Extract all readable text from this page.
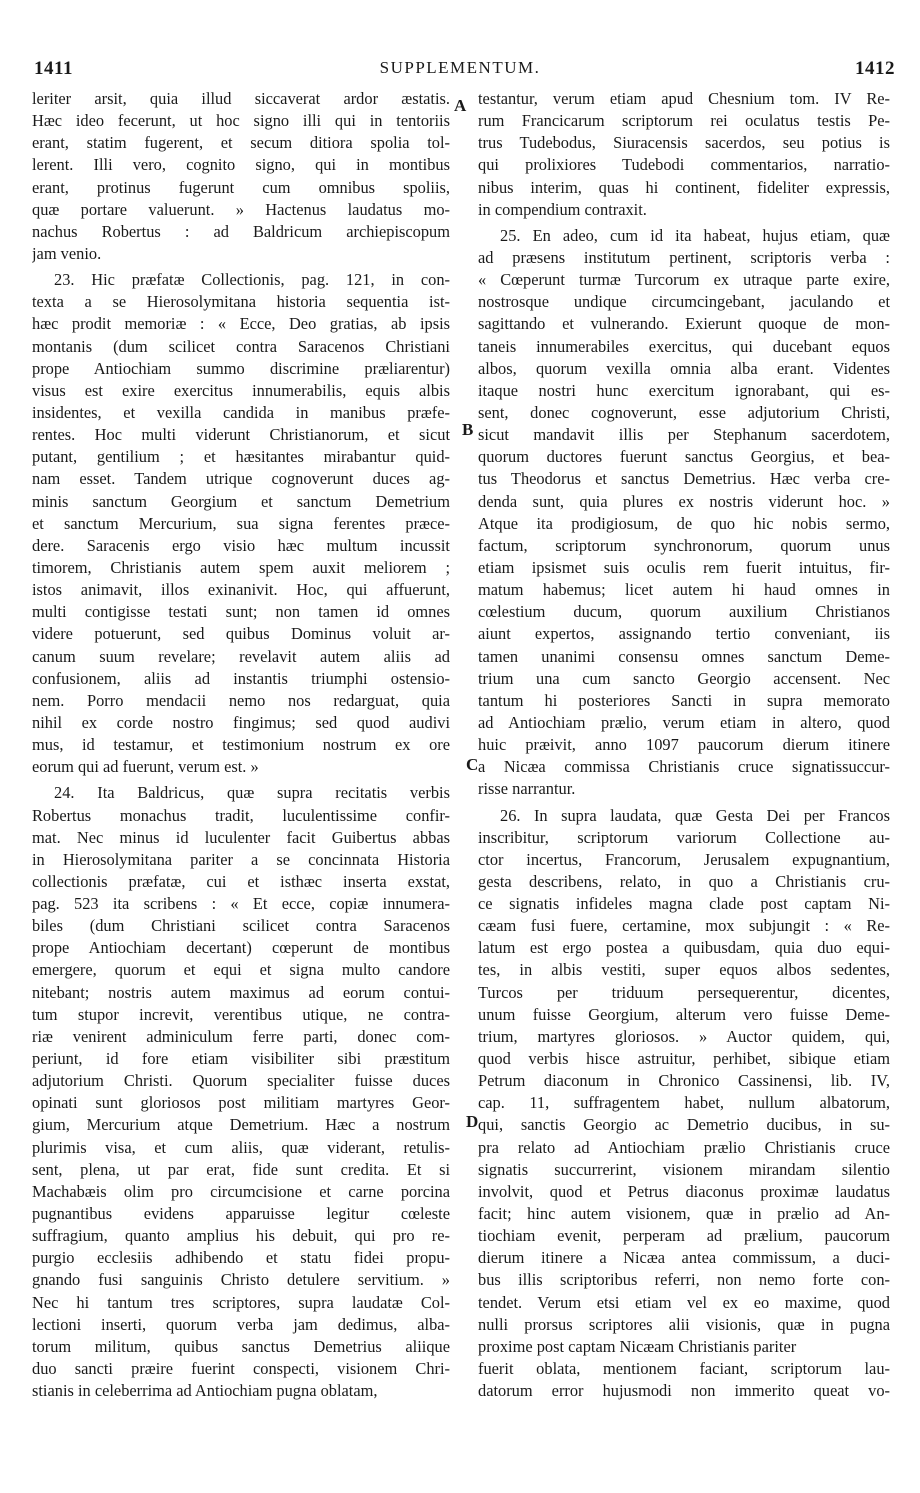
1411	SUPPLEMENTUM.	1412
leriter arsit, quia illud siccaverat ardor æstatis.
Hæc ideo fecerunt, ut hoc signo illi qui in tentoriis
erant, statim fugerent, et secum ditiora spolia tol-
lerent. Illi vero, cognito signo, qui in montibus
erant, protinus fugerunt cum omnibus spoliis,
quæ portare valuerunt. » Hactenus laudatus mo-
nachus Robertus : ad Baldricum archiepiscopum
jam venio.
23. Hic præfatæ Collectionis, pag. 121, in con-
texta a se Hierosolymitana historia sequentia ist-
hæc prodit memoriæ : « Ecce, Deo gratias, ab ipsis
montanis (dum scilicet contra Saracenos Christiani
prope Antiochiam summo discrimine præliarentur)
visus est exire exercitus innumerabilis, equis albis
insidentes, et vexilla candida in manibus præfe-
rentes. Hoc multi viderunt Christianorum, et sicut
putant, gentilium ; et hæsitantes mirabantur quid-
nam esset. Tandem utrique cognoverunt duces ag-
minis sanctum Georgium et sanctum Demetrium
et sanctum Mercurium, sua signa ferentes præce-
dere. Saracenis ergo visio hæc multum incussit
timorem, Christianis autem spem auxit meliorem ;
istos animavit, illos exinanivit. Hoc, qui affuerunt,
multi contigisse testati sunt; non tamen id omnes
videre potuerunt, sed quibus Dominus voluit ar-
canum suum revelare; revelavit autem aliis ad
confusionem, aliis ad instantis triumphi ostensio-
nem. Porro mendacii nemo nos redarguat, quia
nihil ex corde nostro fingimus; sed quod audivi
mus, id testamur, et testimonium nostrum ex ore
eorum qui ad fuerunt, verum est. »
24. Ita Baldricus, quæ supra recitatis verbis
Robertus monachus tradit, luculentissime confir-
mat. Nec minus id luculenter facit Guibertus abbas
in Hierosolymitana pariter a se concinnata Historia
collectionis præfatæ, cui et isthæc inserta exstat,
pag. 523 ita scribens : « Et ecce, copiæ innumera-
biles (dum Christiani scilicet contra Saracenos
prope Antiochiam decertant) cœperunt de montibus
emergere, quorum et equi et signa multo candore
nitebant; nostris autem maximus ad eorum contui-
tum stupor increvit, verentibus utique, ne contra-
riæ venirent adminiculum ferre parti, donec com-
periunt, id fore etiam visibiliter sibi præstitum
adjutorium Christi. Quorum specialiter fuisse duces
opinati sunt gloriosos post militiam martyres Geor-
gium, Mercurium atque Demetrium. Hæc a nostrum
plurimis visa, et cum aliis, quæ viderant, retulis-
sent, plena, ut par erat, fide sunt credita. Et si
Machabæis olim pro circumcisione et carne porcina
pugnantibus evidens apparuisse legitur cœleste
suffragium, quanto amplius his debuit, qui pro re-
purgio ecclesiis adhibendo et statu fidei propu-
gnando fusi sanguinis Christo detulere servitium. »
Nec hi tantum tres scriptores, supra laudatæ Col-
lectioni inserti, quorum verba jam dedimus, alba-
torum militum, quibus sanctus Demetrius aliique
duo sancti præire fuerint conspecti, visionem Chri-
stianis in celeberrima ad Antiochiam pugna oblatam,
testantur, verum etiam apud Chesnium tom. IV Re-
rum Francicarum scriptorum rei oculatus testis Pe-
trus Tudebodus, Siuracensis sacerdos, seu potius is
qui prolixiores Tudebodi commentarios, narratio-
nibus interim, quas hi continent, fideliter expressis,
in compendium contraxit.
25. En adeo, cum id ita habeat, hujus etiam, quæ
ad præsens institutum pertinent, scriptoris verba :
« Cœperunt turmæ Turcorum ex utraque parte exire,
nostrosque undique circumcingebant, jaculando et
sagittando et vulnerando. Exierunt quoque de mon-
taneis innumerabiles exercitus, qui ducebant equos
albos, quorum vexilla omnia alba erant. Videntes
itaque nostri hunc exercitum ignorabant, qui es-
sent, donec cognoverunt, esse adjutorium Christi,
sicut mandavit illis per Stephanum sacerdotem,
quorum ductores fuerunt sanctus Georgius, et bea-
tus Theodorus et sanctus Demetrius. Hæc verba cre-
denda sunt, quia plures ex nostris viderunt hoc. »
Atque ita prodigiosum, de quo hic nobis sermo,
factum, scriptorum synchronorum, quorum unus
etiam ipsismet suis oculis rem fuerit intuitus, fir-
matum habemus; licet autem hi haud omnes in
cœlestium ducum, quorum auxilium Christianos
aiunt expertos, assignando tertio conveniant, iis
tamen unanimi consensu omnes sanctum Deme-
trium una cum sancto Georgio accensent. Nec
tantum hi posteriores Sancti in supra memorato
ad Antiochiam prælio, verum etiam in altero, quod
huic præivit, anno 1097 paucorum dierum itinere
a Nicæa commissa Christianis cruce signatissuccur-
risse narrantur.
26. In supra laudata, quæ Gesta Dei per Francos
inscribitur, scriptorum variorum Collectione au-
ctor incertus, Francorum, Jerusalem expugnantium,
gesta describens, relato, in quo a Christianis cru-
ce signatis infideles magna clade post captam Ni-
cæam fusi fuere, certamine, mox subjungit : « Re-
latum est ergo postea a quibusdam, quia duo equi-
tes, in albis vestiti, super equos albos sedentes,
Turcos per triduum persequerentur, dicentes,
unum fuisse Georgium, alterum vero fuisse Deme-
trium, martyres gloriosos. » Auctor quidem, qui,
quod verbis hisce astruitur, perhibet, sibique etiam
Petrum diaconum in Chronico Cassinensi, lib. IV,
cap. 11, suffragentem habet, nullum albatorum,
qui, sanctis Georgio ac Demetrio ducibus, in su-
pra relato ad Antiochiam prælio Christianis cruce
signatis succurrerint, visionem mirandam silentio
involvit, quod et Petrus diaconus proximæ laudatus
facit; hinc autem visionem, quæ in prælio ad An-
tiochiam evenit, perperam ad prælium, paucorum
dierum itinere a Nicæa antea commissum, a duci-
bus illis scriptoribus referri, non nemo forte con-
tendet. Verum etsi etiam vel ex eo maxime, quod
nulli prorsus scriptores alii visionis, quæ in pugna
proxime post captam Nicæam Christianis pariter
fuerit oblata, mentionem faciant, scriptorum lau-
datorum error hujusmodi non immerito queat vo-
A
B
C
D
